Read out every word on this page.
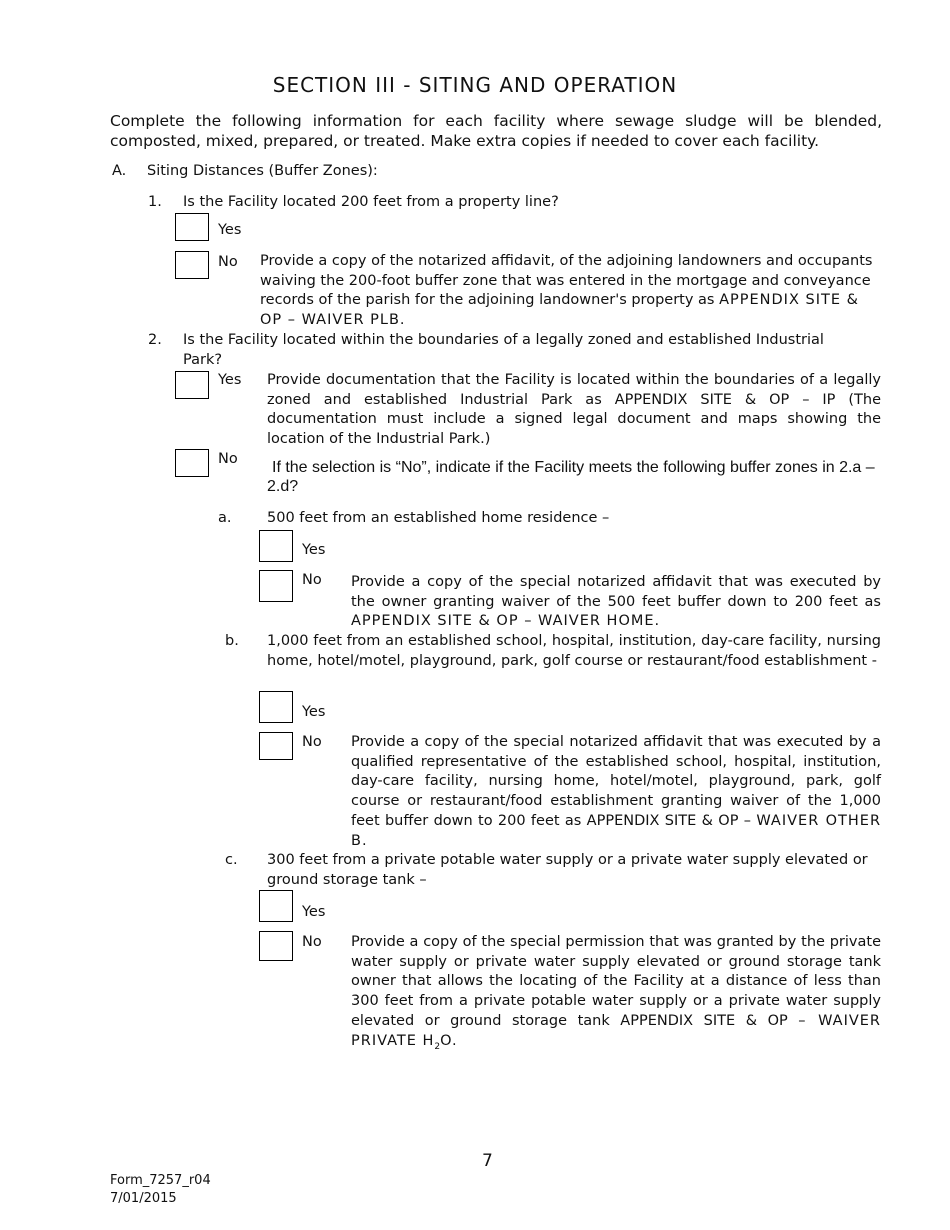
SECTION III - SITING AND OPERATION
Complete the following information for each facility where sewage sludge will be blended, composted, mixed, prepared, or treated. Make extra copies if needed to cover each facility.
A. Siting Distances (Buffer Zones):
1. Is the Facility located 200 feet from a property line?
Yes
No Provide a copy of the notarized affidavit, of the adjoining landowners and occupants waiving the 200-foot buffer zone that was entered in the mortgage and conveyance records of the parish for the adjoining landowner's property as APPENDIX SITE & OP – WAIVER PLB.
2. Is the Facility located within the boundaries of a legally zoned and established Industrial Park?
Yes Provide documentation that the Facility is located within the boundaries of a legally zoned and established Industrial Park as APPENDIX SITE & OP – IP (The documentation must include a signed legal document and maps showing the location of the Industrial Park.)
No	If the selection is “No”, indicate if the Facility meets the following buffer zones in 2.a – 2.d?
a. 500 feet from an established home residence –
Yes
No Provide a copy of the special notarized affidavit that was executed by the owner granting waiver of the 500 feet buffer down to 200 feet as APPENDIX SITE & OP – WAIVER HOME.
b. 1,000 feet from an established school, hospital, institution, day-care facility, nursing home, hotel/motel, playground, park, golf course or restaurant/food establishment -
Yes
No Provide a copy of the special notarized affidavit that was executed by a qualified representative of the established school, hospital, institution, day-care facility, nursing home, hotel/motel, playground, park, golf course or restaurant/food establishment granting waiver of the 1,000 feet buffer down to 200 feet as APPENDIX SITE & OP – WAIVER OTHER B.
c. 300 feet from a private potable water supply or a private water supply elevated or ground storage tank –
Yes
No Provide a copy of the special permission that was granted by the private water supply or private water supply elevated or ground storage tank owner that allows the locating of the Facility at a distance of less than 300 feet from a private potable water supply or a private water supply elevated or ground storage tank APPENDIX SITE & OP – WAIVER PRIVATE $H_2O$.
7
Form_7257_r04
7/01/2015
